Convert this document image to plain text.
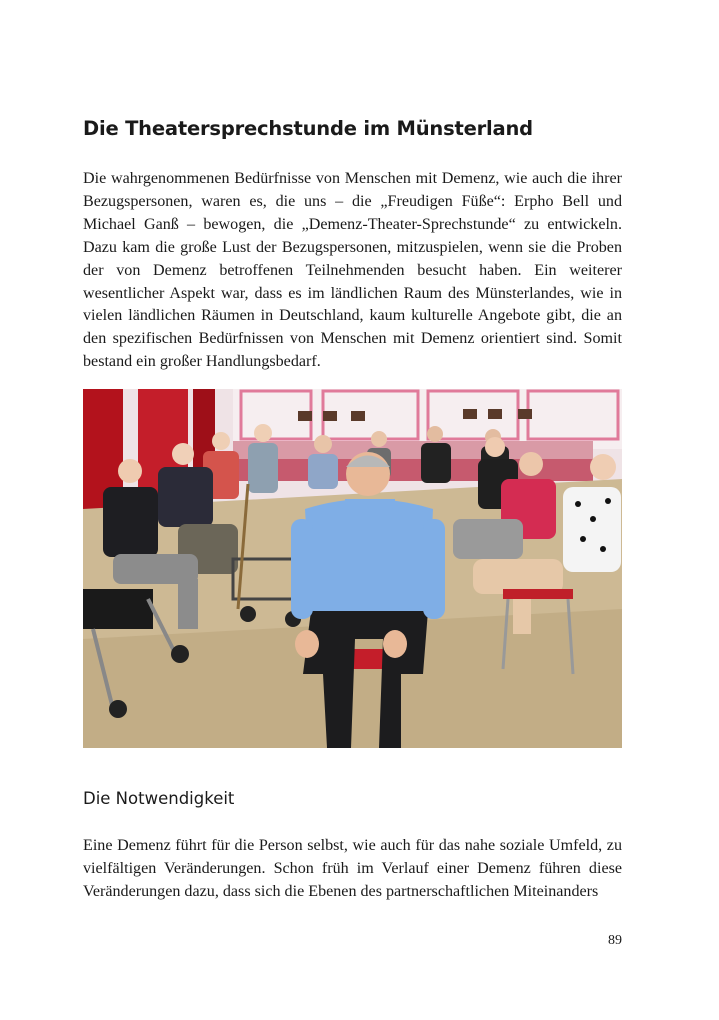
Die Theatersprechstunde im Münsterland

Die wahrgenommenen Bedürfnisse von Menschen mit Demenz, wie auch die ihrer Bezugspersonen, waren es, die uns – die „Freudigen Füße“: Erpho Bell und Michael Ganß – bewogen, die „Demenz-Theater-Sprechstunde“ zu entwickeln. Dazu kam die große Lust der Bezugspersonen, mitzuspielen, wenn sie die Proben der von Demenz betroffenen Teilnehmenden besucht haben. Ein weiterer wesentlicher Aspekt war, dass es im ländlichen Raum des Münsterlandes, wie in vielen ländlichen Räumen in Deutschland, kaum kulturelle Angebote gibt, die an den spezifischen Bedürfnissen von Menschen mit Demenz orientiert sind. Somit bestand ein großer Handlungsbedarf.

Die Notwendigkeit

Eine Demenz führt für die Person selbst, wie auch für das nahe soziale Umfeld, zu vielfältigen Veränderungen. Schon früh im Verlauf einer Demenz führen diese Veränderungen dazu, dass sich die Ebenen des partnerschaftlichen Miteinanders

89
